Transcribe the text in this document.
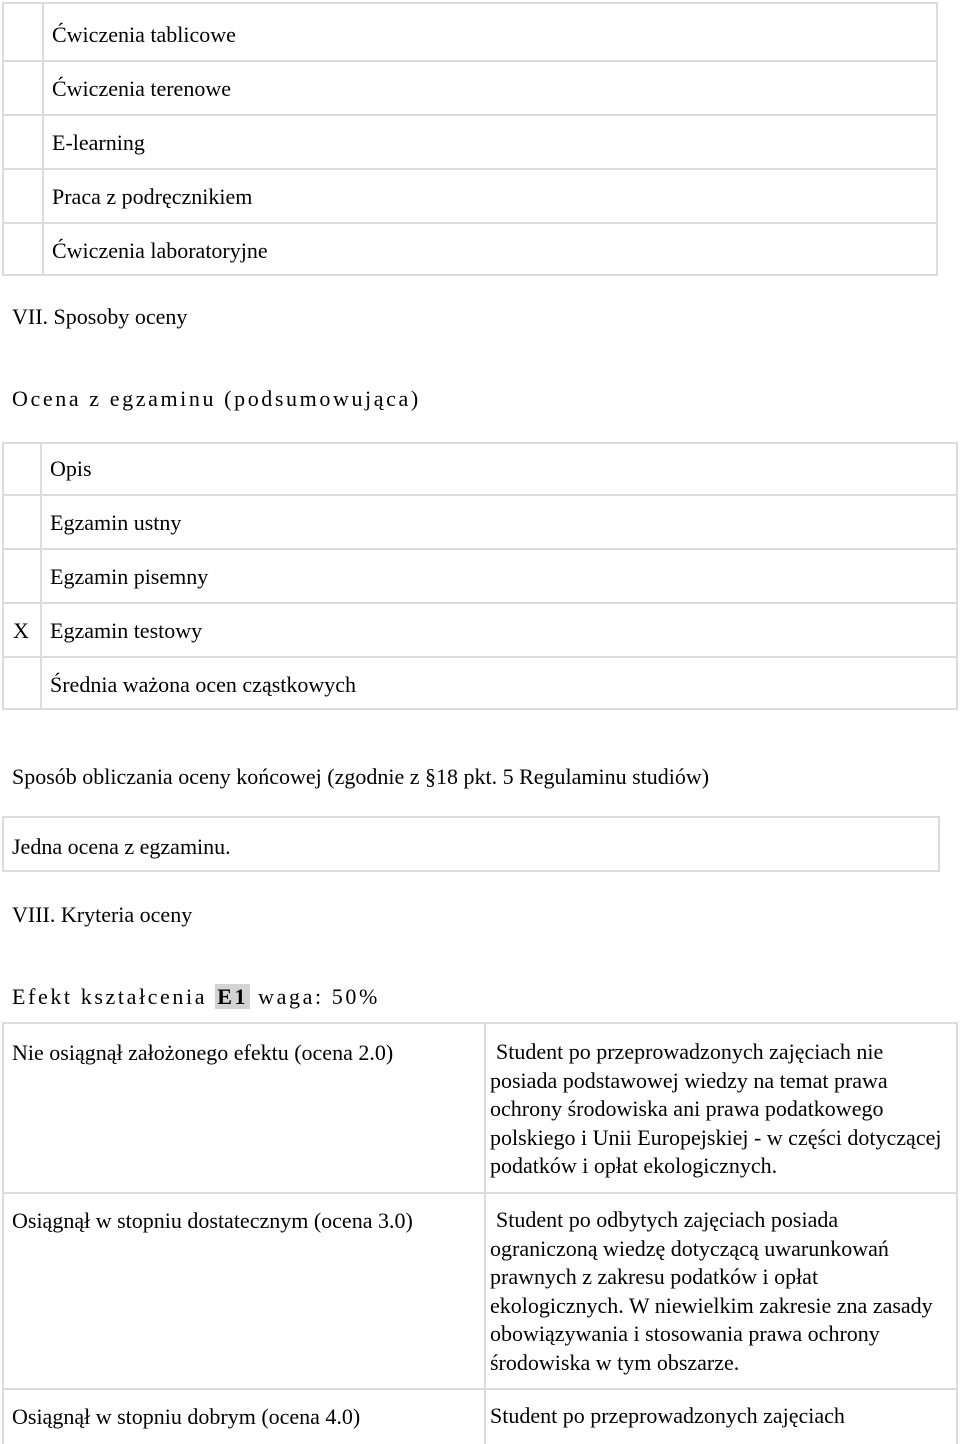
Ćwiczenia tablicowe
Ćwiczenia terenowe
E-learning
Praca z podręcznikiem
Ćwiczenia laboratoryjne
VII. Sposoby oceny
Ocena z egzaminu (podsumowująca)
Opis
Egzamin ustny
Egzamin pisemny
X Egzamin testowy
Średnia ważona ocen cząstkowych
Sposób obliczania oceny końcowej (zgodnie z §18 pkt. 5 Regulaminu studiów)
Jedna ocena z egzaminu.
VIII. Kryteria oceny
Efekt kształcenia E1 waga: 50%
Nie osiągnął założonego efektu (ocena 2.0)	Student po przeprowadzonych zajęciach nie posiada podstawowej wiedzy na temat prawa ochrony środowiska ani prawa podatkowego polskiego i Unii Europejskiej - w części dotyczącej podatków i opłat ekologicznych.
Osiągnął w stopniu dostatecznym (ocena 3.0)	Student po odbytych zajęciach posiada ograniczoną wiedzę dotyczącą uwarunkowań prawnych z zakresu podatków i opłat ekologicznych. W niewielkim zakresie zna zasady obowiązywania i stosowania prawa ochrony środowiska w tym obszarze.
Osiągnął w stopniu dobrym (ocena 4.0)	Student po przeprowadzonych zajęciach
